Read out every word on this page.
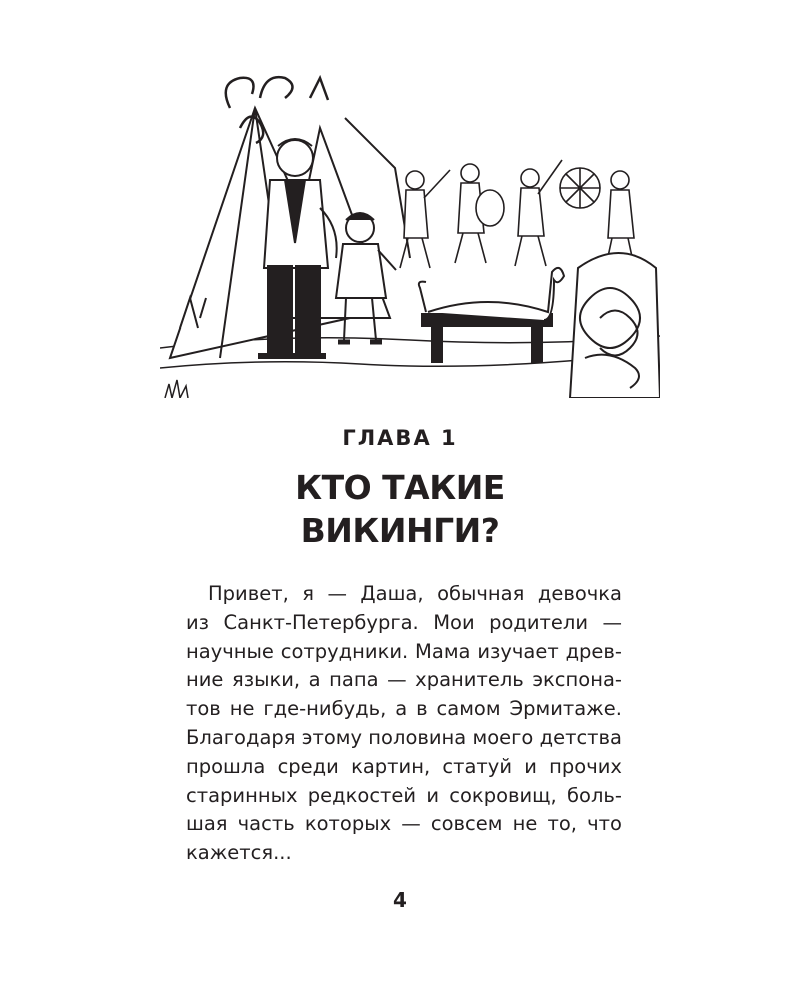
ГЛАВА 1
КТО ТАКИЕ
ВИКИНГИ?
Привет, я — Даша, обычная девочка
из Санкт-Петербурга. Мои родители —
научные сотрудники. Мама изучает древ-
ние языки, а папа — хранитель экспона-
тов не где-нибудь, а в самом Эрмитаже.
Благодаря этому половина моего детства
прошла среди картин, статуй и прочих
старинных редкостей и сокровищ, боль-
шая часть которых — совсем не то, что
кажется...
4
